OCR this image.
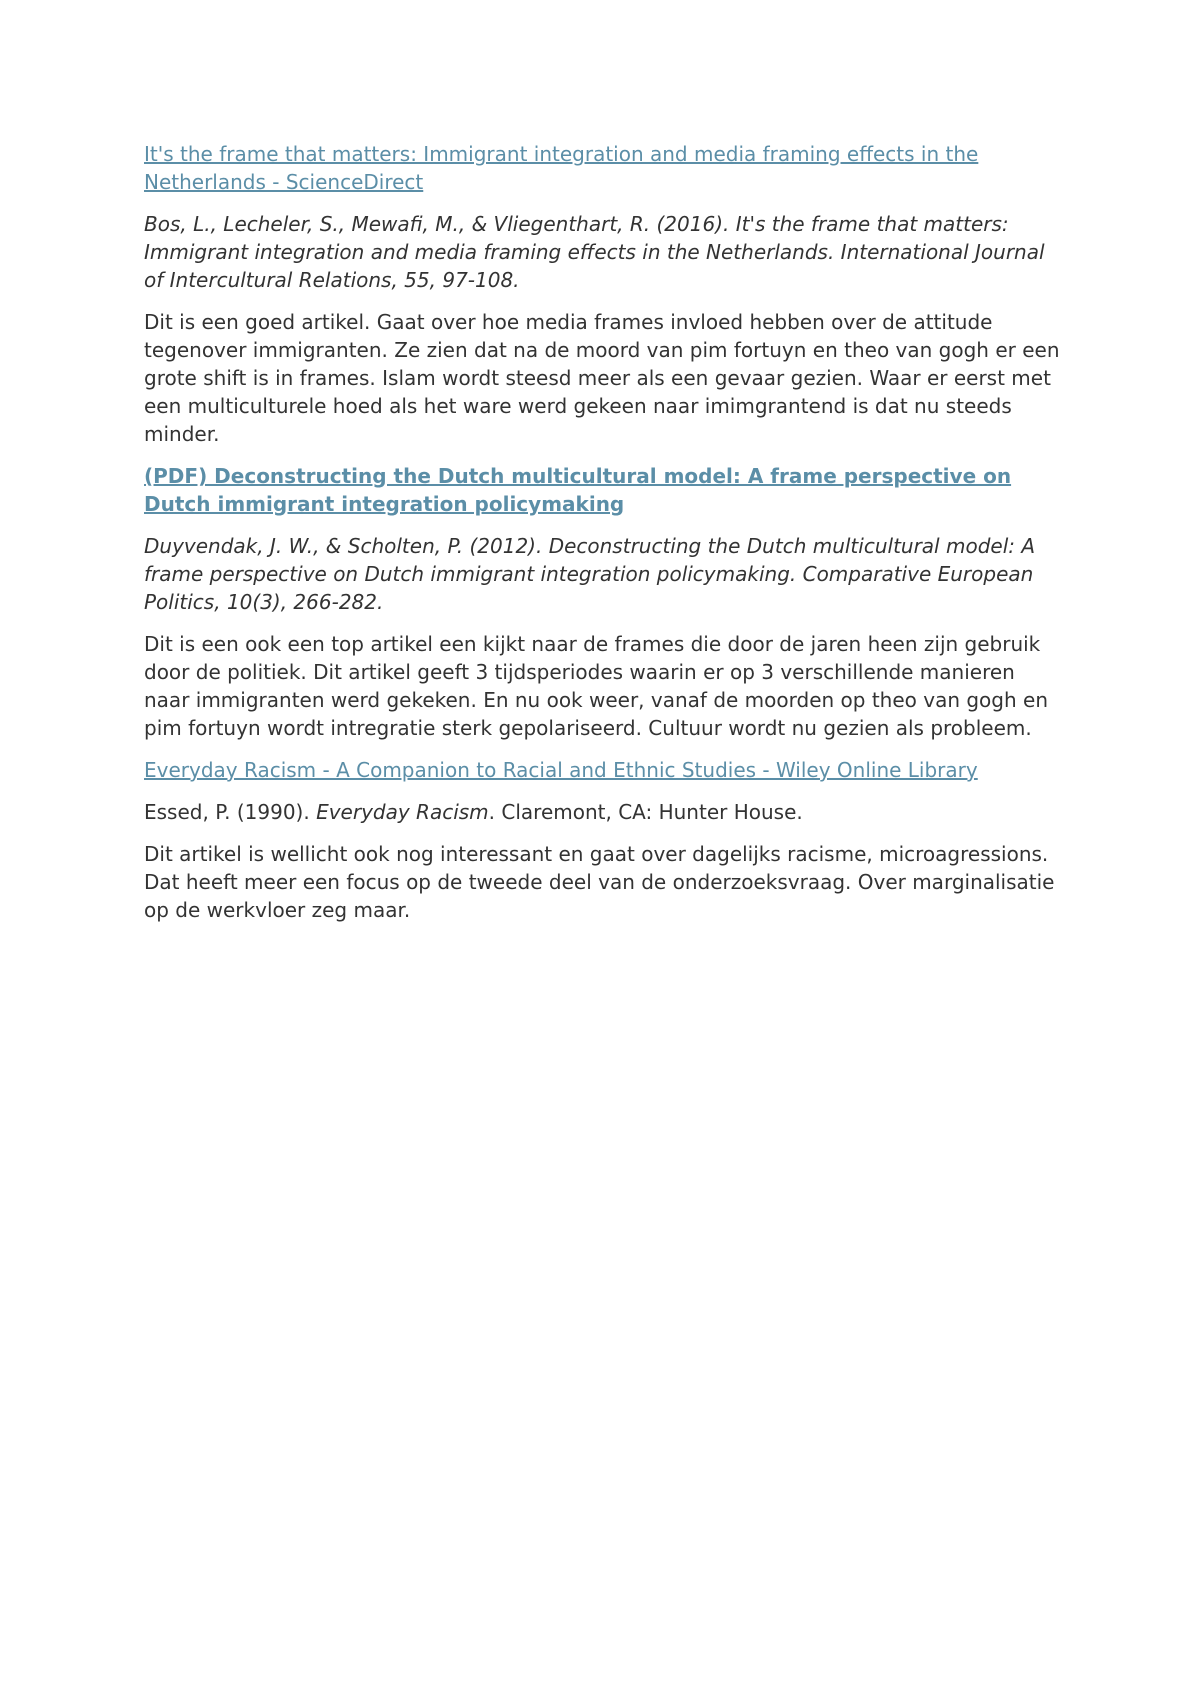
It's the frame that matters: Immigrant integration and media framing effects in the Netherlands - ScienceDirect

Bos, L., Lecheler, S., Mewafi, M., & Vliegenthart, R. (2016). It's the frame that matters: Immigrant integration and media framing effects in the Netherlands. International Journal of Intercultural Relations, 55, 97-108.

Dit is een goed artikel. Gaat over hoe media frames invloed hebben over de attitude tegenover immigranten. Ze zien dat na de moord van pim fortuyn en theo van gogh er een grote shift is in frames. Islam wordt steesd meer als een gevaar gezien. Waar er eerst met een multiculturele hoed als het ware werd gekeen naar imimgrantend is dat nu steeds minder.

(PDF) Deconstructing the Dutch multicultural model: A frame perspective on Dutch immigrant integration policymaking

Duyvendak, J. W., & Scholten, P. (2012). Deconstructing the Dutch multicultural model: A frame perspective on Dutch immigrant integration policymaking. Comparative European Politics, 10(3), 266-282.

Dit is een ook een top artikel een kijkt naar de frames die door de jaren heen zijn gebruik door de politiek. Dit artikel geeft 3 tijdsperiodes waarin er op 3 verschillende manieren naar immigranten werd gekeken. En nu ook weer, vanaf de moorden op theo van gogh en pim fortuyn wordt intregratie sterk gepolariseerd. Cultuur wordt nu gezien als probleem.

Everyday Racism - A Companion to Racial and Ethnic Studies - Wiley Online Library

Essed, P. (1990). Everyday Racism. Claremont, CA: Hunter House.

Dit artikel is wellicht ook nog interessant en gaat over dagelijks racisme, microagressions. Dat heeft meer een focus op de tweede deel van de onderzoeksvraag. Over marginalisatie op de werkvloer zeg maar.
